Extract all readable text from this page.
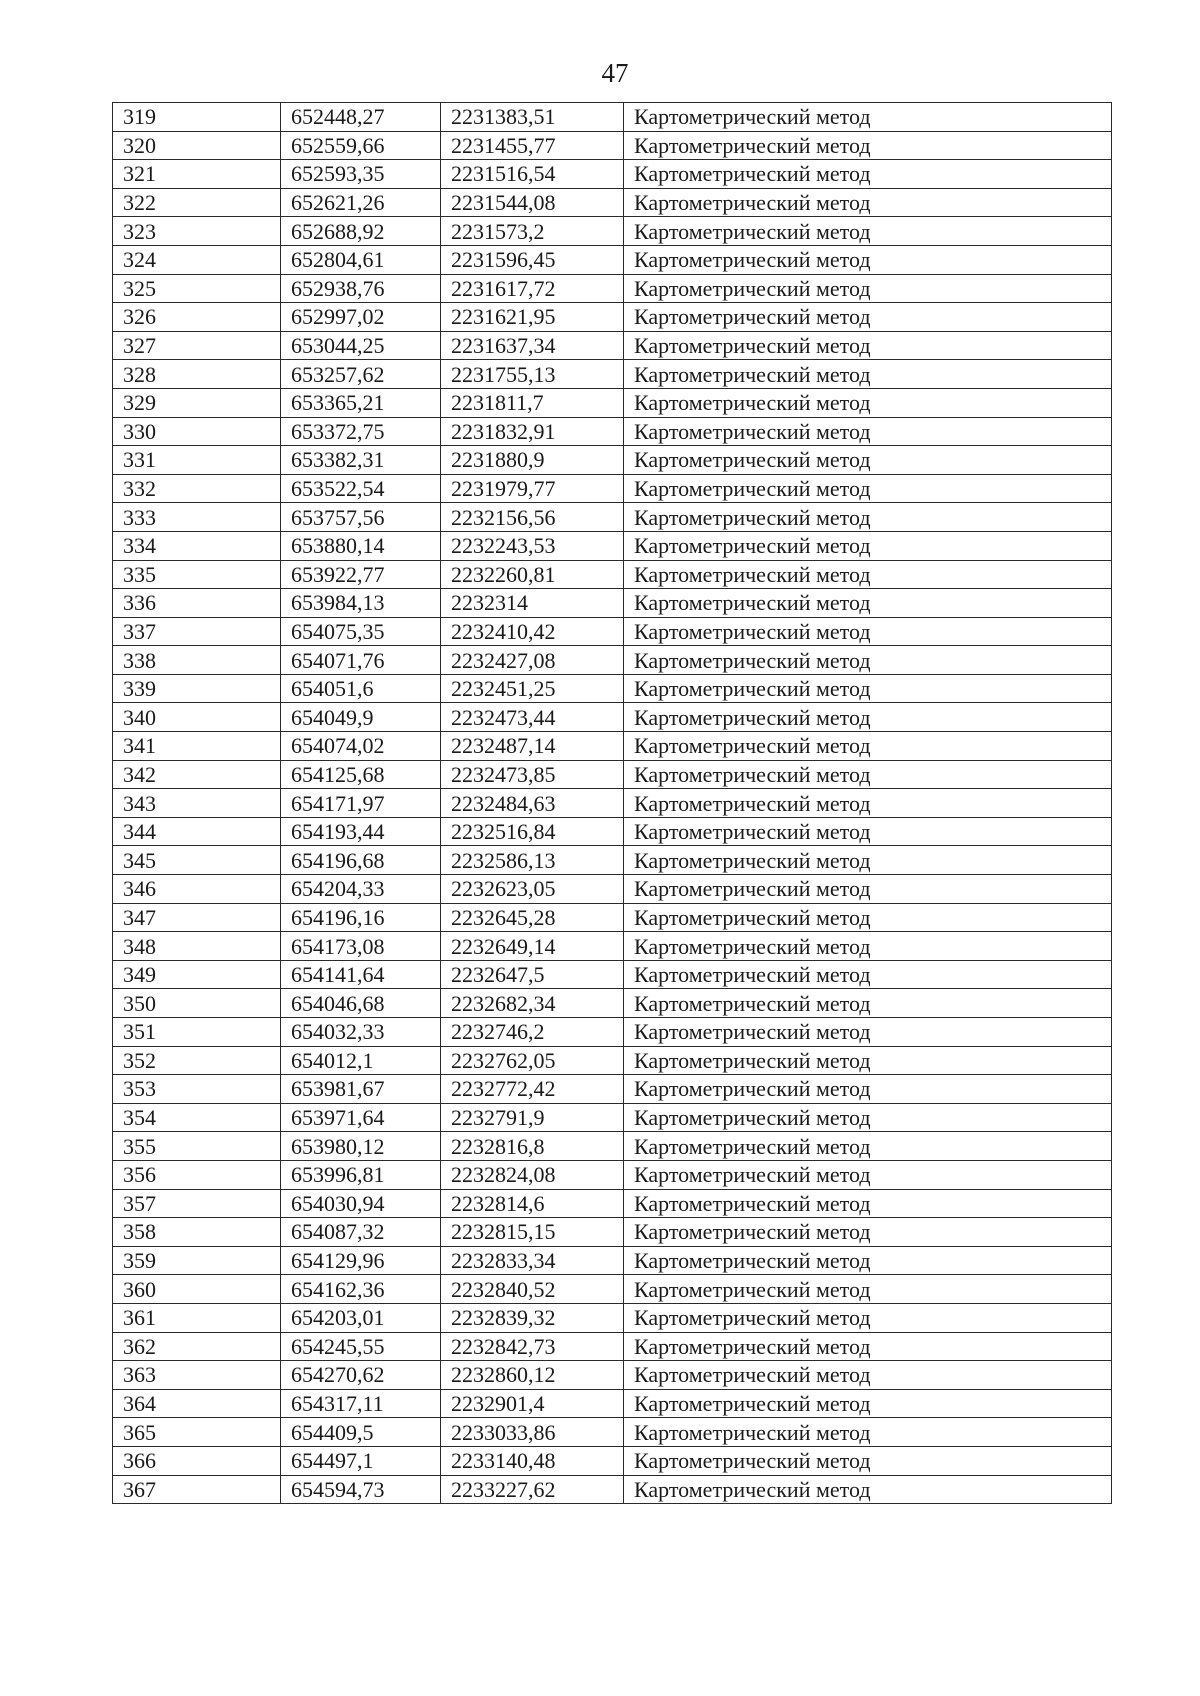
47
319	652448,27	2231383,51	Картометрический метод
320	652559,66	2231455,77	Картометрический метод
321	652593,35	2231516,54	Картометрический метод
322	652621,26	2231544,08	Картометрический метод
323	652688,92	2231573,2	Картометрический метод
324	652804,61	2231596,45	Картометрический метод
325	652938,76	2231617,72	Картометрический метод
326	652997,02	2231621,95	Картометрический метод
327	653044,25	2231637,34	Картометрический метод
328	653257,62	2231755,13	Картометрический метод
329	653365,21	2231811,7	Картометрический метод
330	653372,75	2231832,91	Картометрический метод
331	653382,31	2231880,9	Картометрический метод
332	653522,54	2231979,77	Картометрический метод
333	653757,56	2232156,56	Картометрический метод
334	653880,14	2232243,53	Картометрический метод
335	653922,77	2232260,81	Картометрический метод
336	653984,13	2232314	Картометрический метод
337	654075,35	2232410,42	Картометрический метод
338	654071,76	2232427,08	Картометрический метод
339	654051,6	2232451,25	Картометрический метод
340	654049,9	2232473,44	Картометрический метод
341	654074,02	2232487,14	Картометрический метод
342	654125,68	2232473,85	Картометрический метод
343	654171,97	2232484,63	Картометрический метод
344	654193,44	2232516,84	Картометрический метод
345	654196,68	2232586,13	Картометрический метод
346	654204,33	2232623,05	Картометрический метод
347	654196,16	2232645,28	Картометрический метод
348	654173,08	2232649,14	Картометрический метод
349	654141,64	2232647,5	Картометрический метод
350	654046,68	2232682,34	Картометрический метод
351	654032,33	2232746,2	Картометрический метод
352	654012,1	2232762,05	Картометрический метод
353	653981,67	2232772,42	Картометрический метод
354	653971,64	2232791,9	Картометрический метод
355	653980,12	2232816,8	Картометрический метод
356	653996,81	2232824,08	Картометрический метод
357	654030,94	2232814,6	Картометрический метод
358	654087,32	2232815,15	Картометрический метод
359	654129,96	2232833,34	Картометрический метод
360	654162,36	2232840,52	Картометрический метод
361	654203,01	2232839,32	Картометрический метод
362	654245,55	2232842,73	Картометрический метод
363	654270,62	2232860,12	Картометрический метод
364	654317,11	2232901,4	Картометрический метод
365	654409,5	2233033,86	Картометрический метод
366	654497,1	2233140,48	Картометрический метод
367	654594,73	2233227,62	Картометрический метод
